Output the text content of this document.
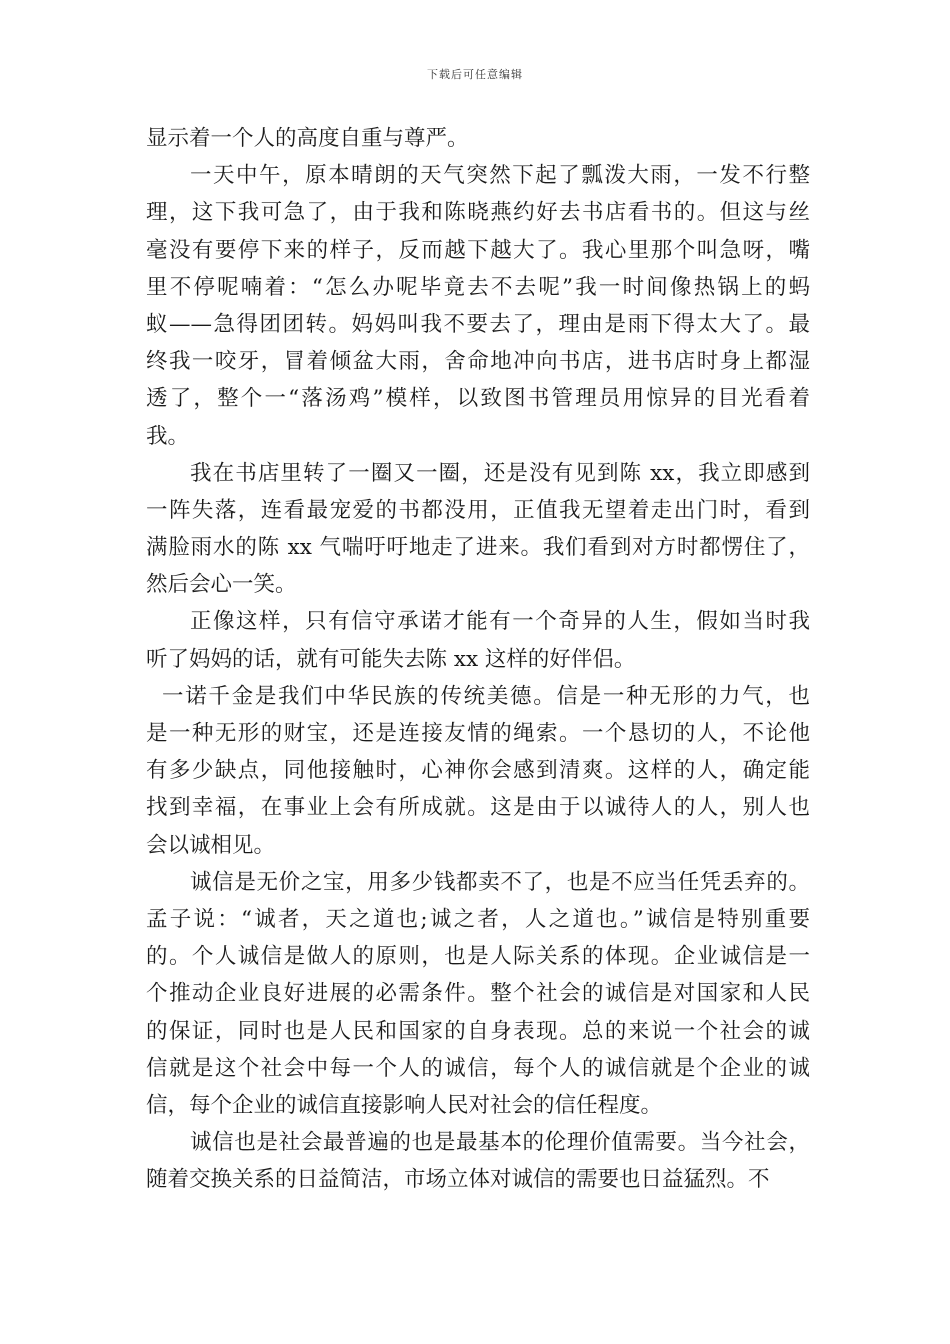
下载后可任意编辑
显示着一个人的高度自重与尊严。
一天中午，原本晴朗的天气突然下起了瓢泼大雨，一发不行整
理，这下我可急了，由于我和陈晓燕约好去书店看书的。但这与丝
毫没有要停下来的样子，反而越下越大了。我心里那个叫急呀，嘴
里不停呢喃着：“怎么办呢毕竟去不去呢”我一时间像热锅上的蚂
蚁——急得团团转。妈妈叫我不要去了，理由是雨下得太大了。最
终我一咬牙，冒着倾盆大雨，舍命地冲向书店，进书店时身上都湿
透了，整个一“落汤鸡”模样，以致图书管理员用惊异的目光看着
我。
我在书店里转了一圈又一圈，还是没有见到陈 xx，我立即感到
一阵失落，连看最宠爱的书都没用，正值我无望着走出门时，看到
满脸雨水的陈 xx 气喘吁吁地走了进来。我们看到对方时都愣住了，
然后会心一笑。
正像这样，只有信守承诺才能有一个奇异的人生，假如当时我
听了妈妈的话，就有可能失去陈 xx 这样的好伴侣。
一诺千金是我们中华民族的传统美德。信是一种无形的力气，也
是一种无形的财宝，还是连接友情的绳索。一个恳切的人，不论他
有多少缺点，同他接触时，心神你会感到清爽。这样的人，确定能
找到幸福，在事业上会有所成就。这是由于以诚待人的人，别人也
会以诚相见。
诚信是无价之宝，用多少钱都卖不了，也是不应当任凭丢弃的。
孟子说：“诚者，天之道也;诚之者，人之道也。”诚信是特别重要
的。个人诚信是做人的原则，也是人际关系的体现。企业诚信是一
个推动企业良好进展的必需条件。整个社会的诚信是对国家和人民
的保证，同时也是人民和国家的自身表现。总的来说一个社会的诚
信就是这个社会中每一个人的诚信，每个人的诚信就是个企业的诚
信，每个企业的诚信直接影响人民对社会的信任程度。
诚信也是社会最普遍的也是最基本的伦理价值需要。当今社会，
随着交换关系的日益简洁，市场立体对诚信的需要也日益猛烈。不
